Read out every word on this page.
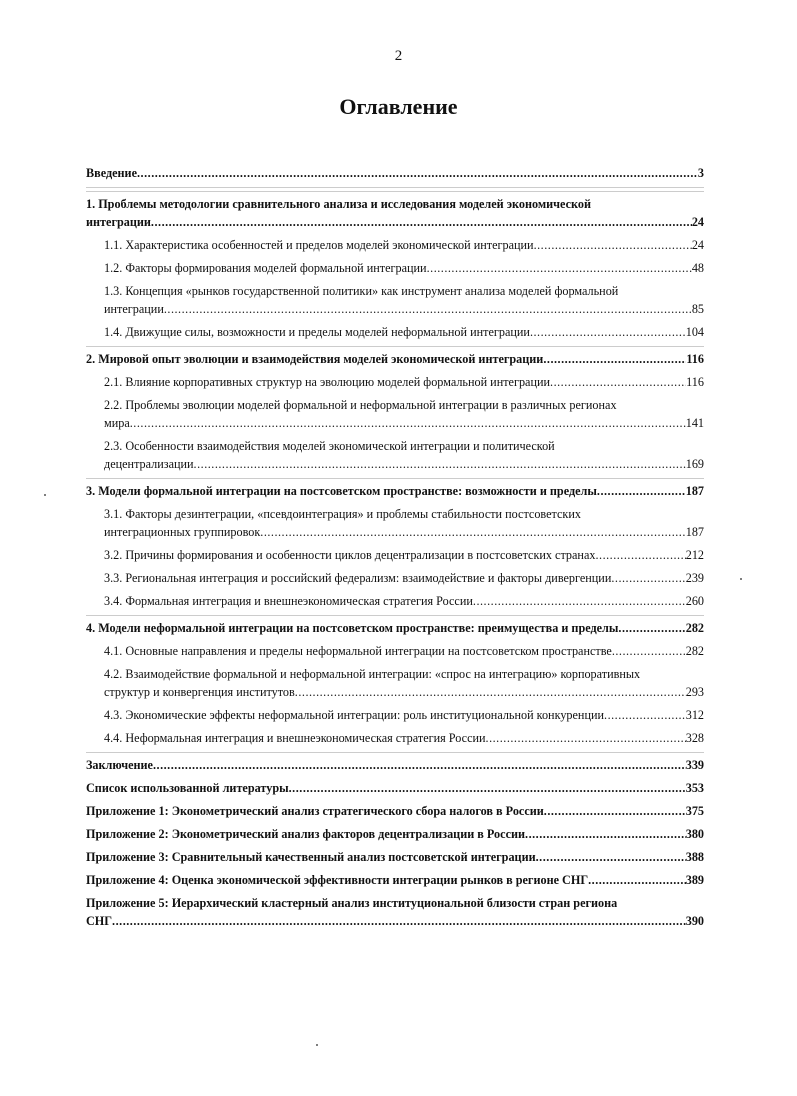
2
Оглавление
Введение .....	3
1. Проблемы методологии сравнительного анализа и исследования моделей экономической
интеграции .....	24
1.1. Характеристика особенностей и пределов моделей экономической интеграции .....	24
1.2. Факторы формирования моделей формальной интеграции .....	48
1.3. Концепция «рынков государственной политики» как инструмент анализа моделей формальной
интеграции .....	85
1.4. Движущие силы, возможности и пределы моделей неформальной интеграции .....	104
2. Мировой опыт эволюции и взаимодействия моделей экономической интеграции .....	116
2.1. Влияние корпоративных структур на эволюцию моделей формальной интеграции .....	116
2.2. Проблемы эволюции моделей формальной и неформальной интеграции в различных регионах
мира .....	141
2.3. Особенности взаимодействия моделей экономической интеграции и политической
децентрализации .....	169
3. Модели формальной интеграции на постсоветском пространстве: возможности и пределы .....	187
3.1. Факторы дезинтеграции, «псевдоинтеграция» и проблемы стабильности постсоветских
интеграционных группировок .....	187
3.2. Причины формирования и особенности циклов децентрализации в постсоветских странах .....	212
3.3. Региональная интеграция и российский федерализм: взаимодействие и факторы дивергенции .....	239
3.4. Формальная интеграция и внешнеэкономическая стратегия России .....	260
4. Модели неформальной интеграции на постсоветском пространстве: преимущества и пределы .....	282
4.1. Основные направления и пределы неформальной интеграции на постсоветском пространстве .....	282
4.2. Взаимодействие формальной и неформальной интеграции: «спрос на интеграцию» корпоративных
структур и конвергенция институтов .....	293
4.3. Экономические эффекты неформальной интеграции: роль институциональной конкуренции .....	312
4.4. Неформальная интеграция и внешнеэкономическая стратегия России .....	328
Заключение .....	339
Список использованной литературы .....	353
Приложение 1: Эконометрический анализ стратегического сбора налогов в России .....	375
Приложение 2: Эконометрический анализ факторов децентрализации в России .....	380
Приложение 3: Сравнительный качественный анализ постсоветской интеграции .....	388
Приложение 4: Оценка экономической эффективности интеграции рынков в регионе СНГ .....	389
Приложение 5: Иерархический кластерный анализ институциональной близости стран региона
СНГ .....	390
